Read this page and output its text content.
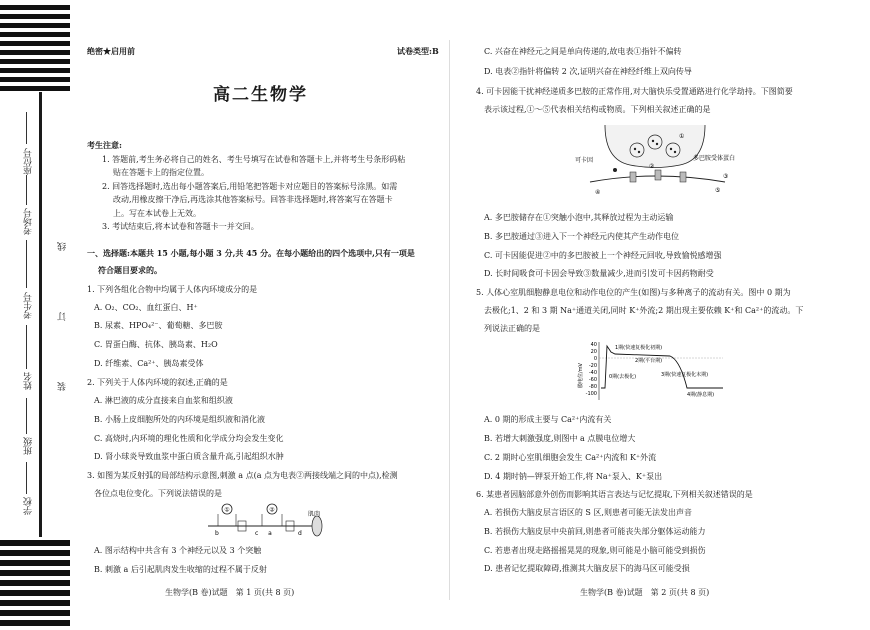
座位号
考场号
考生号
姓名
班级
学校
线
订
装
绝密★启用前	试卷类型:B
高二生物学
考生注意:
1. 答题前,考生务必将自己的姓名、考生号填写在试卷和答题卡上,并将考生号条形码粘
贴在答题卡上的指定位置。
2. 回答选择题时,选出每小题答案后,用铅笔把答题卡对应题目的答案标号涂黑。如需
改动,用橡皮擦干净后,再选涂其他答案标号。回答非选择题时,将答案写在答题卡
上。写在本试卷上无效。
3. 考试结束后,将本试卷和答题卡一并交回。
一、选择题:本题共 15 小题,每小题 3 分,共 45 分。在每小题给出的四个选项中,只有一项是
符合题目要求的。
1. 下列各组化合物中均属于人体内环境成分的是
A. O₂、CO₂、血红蛋白、H⁺
B. 尿素、HPO₄²⁻、葡萄糖、多巴胺
C. 胃蛋白酶、抗体、胰岛素、H₂O
D. 纤维素、Ca²⁺、胰岛素受体
2. 下列关于人体内环境的叙述,正确的是
A. 淋巴液的成分直接来自血浆和组织液
B. 小肠上皮细胞所处的内环境是组织液和消化液
C. 高烧时,内环境的理化性质和化学成分均会发生变化
D. 肾小球炎导致血浆中蛋白质含量升高,引起组织水肿
3. 如图为某反射弧的局部结构示意图,刺激 a 点(a 点为电表②两接线端之间的中点),检测
各位点电位变化。下列说法错误的是
①	②
a
b	c	d
肌肉
A. 图示结构中共含有 3 个神经元以及 3 个突触
B. 刺激 a 后引起肌肉发生收缩的过程不属于反射
生物学(B 卷)试题　第 1 页(共 8 页)
C. 兴奋在神经元之间是单向传递的,故电表①指针不偏转
D. 电表②指针将偏转 2 次,证明兴奋在神经纤维上双向传导
4. 可卡因能干扰神经递质多巴胺的正常作用,对大脑快乐受置通路进行化学劫持。下图简要
表示该过程,①～⑤代表相关结构或物质。下列相关叙述正确的是
可卡因	多巴胺受体蛋白
①
②
③
④	⑤
A. 多巴胺储存在①突触小泡中,其释放过程为主动运输
B. 多巴胺通过③进入下一个神经元内使其产生动作电位
C. 可卡因能促进②中的多巴胺被上一个神经元回收,导致愉悦感增强
D. 长时间吸食可卡因会导致③数量减少,进而引发可卡因药物耐受
5. 人体心室肌细胞静息电位和动作电位的产生(如图)与多种离子的流动有关。图中 0 期为
去极化;1、2 和 3 期 Na⁺通道关闭,同时 K⁺外流;2 期出现主要依赖 K⁺和 Ca²⁺的流动。下
列说法正确的是
膜电位/mV
40
20
0
-20
-40
-60
-80
-100
1期(快速复极化初期)
2期(平台期)
0期(去极化)	3期(快速复极化末期)
4期(静息期)
A. 0 期的形成主要与 Ca²⁺内流有关
B. 若增大刺激强度,则图中 a 点膜电位增大
C. 2 期时心室肌细胞会发生 Ca²⁺内流和 K⁺外流
D. 4 期时钠—钾泵开始工作,将 Na⁺泵入、K⁺泵出
6. 某患者因脑部意外创伤而影响其语言表达与记忆提取,下列相关叙述错误的是
A. 若损伤大脑皮层言语区的 S 区,则患者可能无法发出声音
B. 若损伤大脑皮层中央前回,则患者可能丧失部分躯体运动能力
C. 若患者出现走路摇摇晃晃的现象,则可能是小脑可能受到损伤
D. 患者记忆提取障碍,推测其大脑皮层下的海马区可能受损
生物学(B 卷)试题　第 2 页(共 8 页)
